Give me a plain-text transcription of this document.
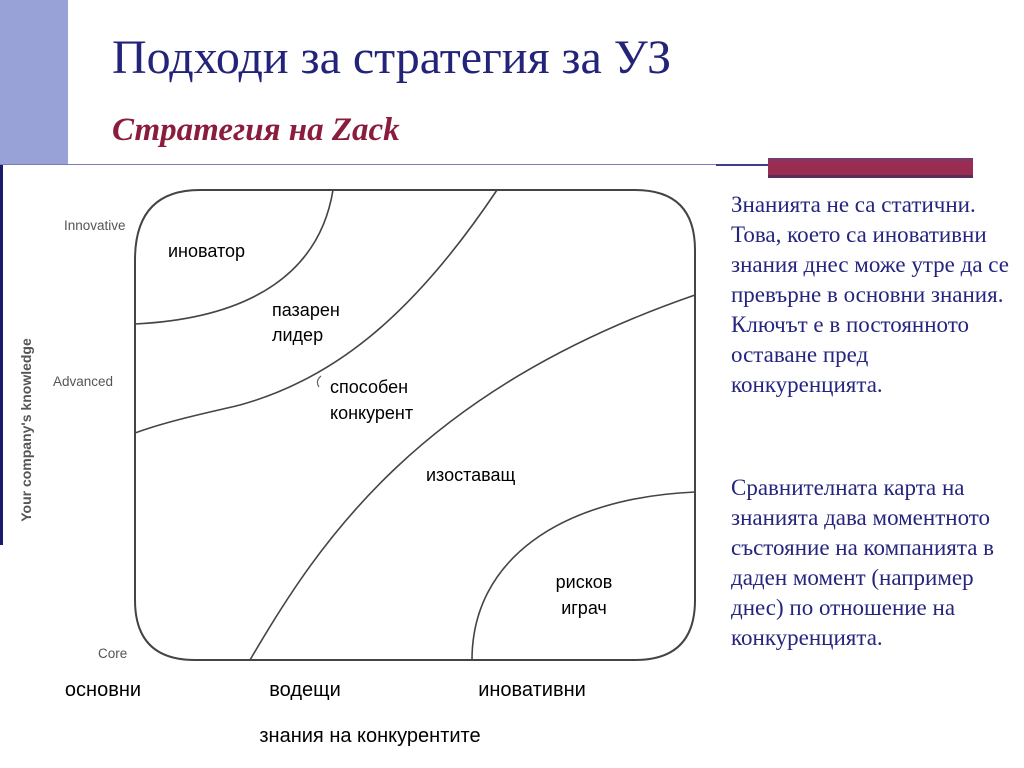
Подходи за стратегия за УЗ
Стратегия на Zack
Your company's knowledge
Innovative
Advanced
Core
иноватор
пазарен
лидер
способен
конкурент
изоставащ
рисков
играч
основни	водещи	иновативни
знания на конкурентите

Знанията не са статични. Това, което са иновативни знания днес може утре да се превърне в основни знания. Ключът е в постоянното оставане пред конкуренцията.

Сравнителната карта на знанията дава моментното състояние на компанията в даден момент (например днес) по отношение на конкуренцията.
